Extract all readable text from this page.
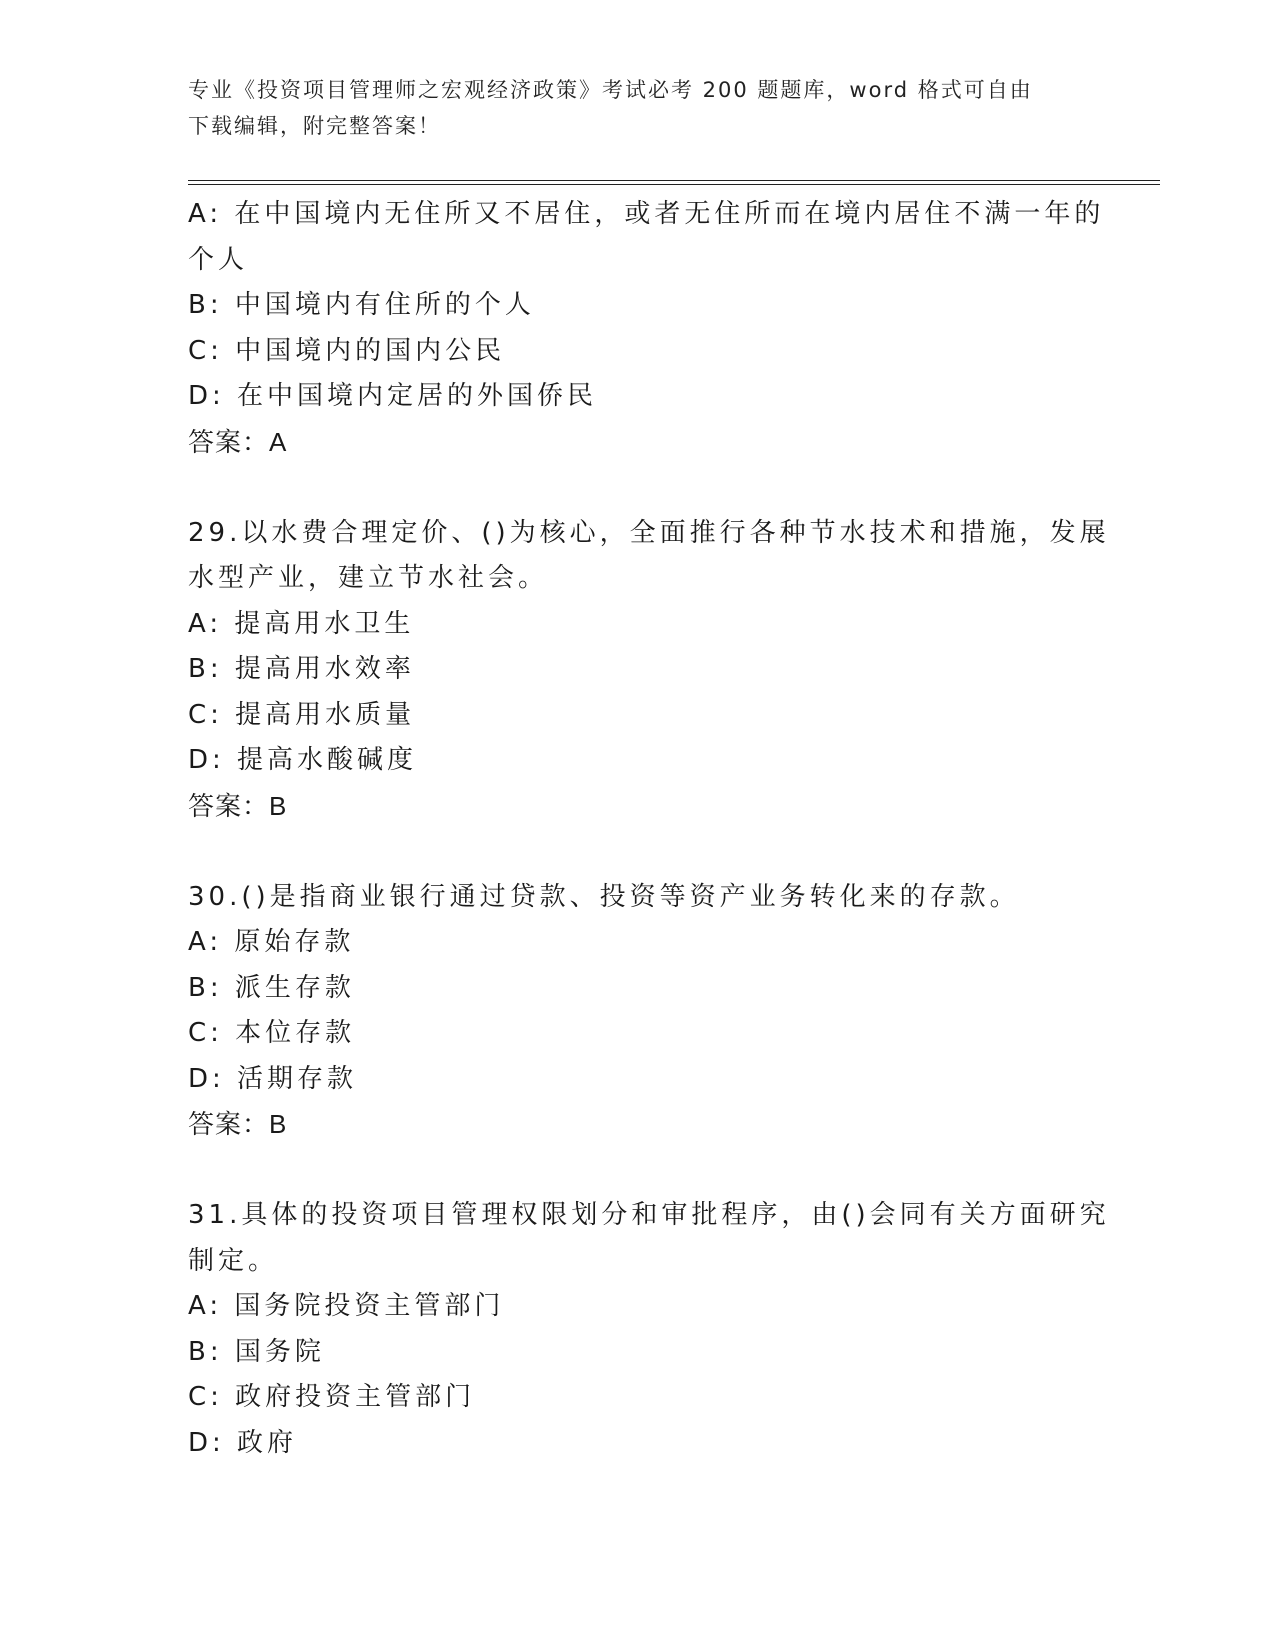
专业《投资项目管理师之宏观经济政策》考试必考 200 题题库，word 格式可自由
下载编辑，附完整答案！
A: 在中国境内无住所又不居住，或者无住所而在境内居住不满一年的
个人
B: 中国境内有住所的个人
C: 中国境内的国内公民
D: 在中国境内定居的外国侨民
答案：A
29.以水费合理定价、()为核心，全面推行各种节水技术和措施，发展
水型产业，建立节水社会。
A: 提高用水卫生
B: 提高用水效率
C: 提高用水质量
D: 提高水酸碱度
答案：B
30.()是指商业银行通过贷款、投资等资产业务转化来的存款。
A: 原始存款
B: 派生存款
C: 本位存款
D: 活期存款
答案：B
31.具体的投资项目管理权限划分和审批程序，由()会同有关方面研究
制定。
A: 国务院投资主管部门
B: 国务院
C: 政府投资主管部门
D: 政府
